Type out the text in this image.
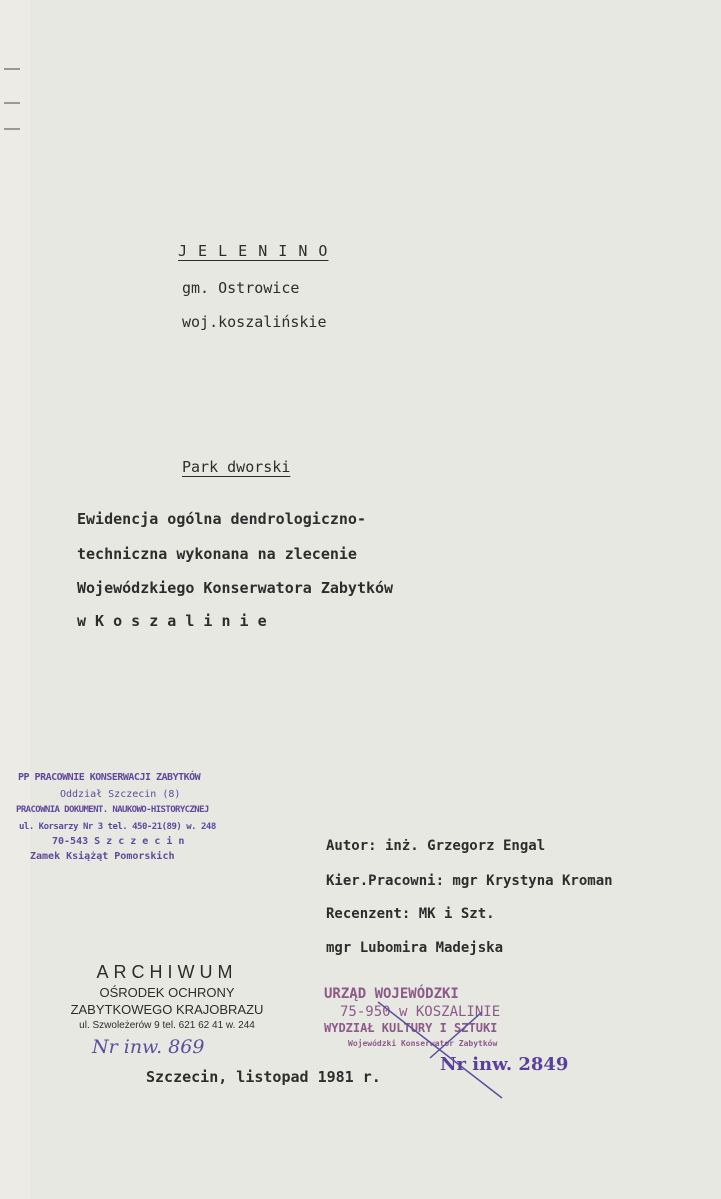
J E L E N I N O
gm. Ostrowice
woj.koszalińskie
Park dworski
Ewidencja ogólna dendrologiczno-
techniczna wykonana na zlecenie
Wojewódzkiego Konserwatora Zabytków
w K o s z a l i n i e
PP PRACOWNIE KONSERWACJI ZABYTKÓW
Oddział Szczecin (8)
PRACOWNIA DOKUMENT. NAUKOWO-HISTORYCZNEJ
ul. Korsarzy Nr 3 tel. 450-21(89) w. 248
70-543 S z c z e c i n
Zamek Książąt Pomorskich
Autor: inż. Grzegorz Engal
Kier.Pracowni: mgr Krystyna Kroman
Recenzent: MK i Szt.
mgr Lubomira Madejska
ARCHIWUM
OŚRODEK OCHRONY
ZABYTKOWEGO KRAJOBRAZU
ul. Szwoleżerów 9 tel. 621 62 41 w. 244
Nr inw. 869
URZĄD WOJEWÓDZKI
75-950 w KOSZALINIE
WYDZIAŁ KULTURY I SZTUKI
Wojewódzki Konserwator Zabytków
Nr inw. 2849
Szczecin, listopad 1981 r.
